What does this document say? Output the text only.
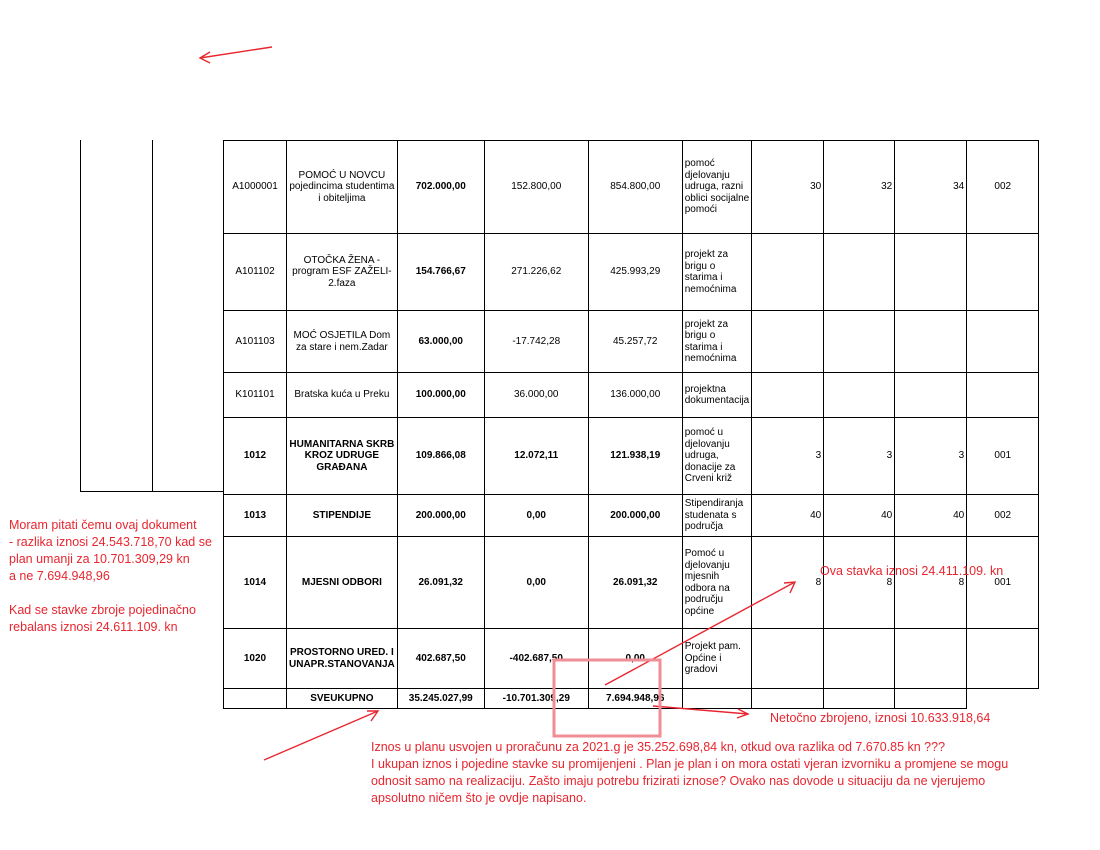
A1000001	POMOĆ U NOVCU pojedincima studentima i obiteljima	702.000,00	152.800,00	854.800,00	pomoć djelovanju udruga, razni oblici socijalne pomoći	30	32	34	002
A101102	OTOČKA ŽENA - program ESF ZAŽELI-2.faza	154.766,67	271.226,62	425.993,29	projekt za brigu o starima i nemoćnima				
A101103	MOĆ OSJETILA Dom za stare i nem.Zadar	63.000,00	-17.742,28	45.257,72	projekt za brigu o starima i nemoćnima				
K101101	Bratska kuća u Preku	100.000,00	36.000,00	136.000,00	projektna dokumentacija				
1012	HUMANITARNA SKRB KROZ UDRUGE GRAĐANA	109.866,08	12.072,11	121.938,19	pomoć u djelovanju udruga, donacije za Crveni križ	3	3	3	001
1013	STIPENDIJE	200.000,00	0,00	200.000,00	Stipendiranja studenata s područja	40	40	40	002
1014	MJESNI ODBORI	26.091,32	0,00	26.091,32	Pomoć u djelovanju mjesnih odbora na području općine	8	8	8	001
1020	PROSTORNO URED. I UNAPR.STANOVANJA	402.687,50	-402.687,50	0,00	Projekt pam. Općine i gradovi				
	SVEUKUPNO	35.245.027,99	-10.701.309,29	7.694.948,96					
Moram pitati čemu ovaj dokument
- razlika iznosi 24.543.718,70 kad se
plan umanji za 10.701.309,29 kn
a ne 7.694.948,96
Kad se stavke zbroje pojedinačno
rebalans iznosi 24.611.109. kn
Ova stavka iznosi 24.411.109. kn
Netočno zbrojeno, iznosi 10.633.918,64
Iznos u planu usvojen u proračunu za 2021.g je 35.252.698,84 kn, otkud ova razlika od 7.670.85 kn ???
I ukupan iznos i pojedine stavke su promijenjeni . Plan je plan i on mora ostati vjeran izvorniku a promjene se mogu
odnosit samo na realizaciju. Zašto imaju potrebu frizirati iznose? Ovako nas dovode u situaciju da ne vjerujemo
apsolutno ničem što je ovdje napisano.
